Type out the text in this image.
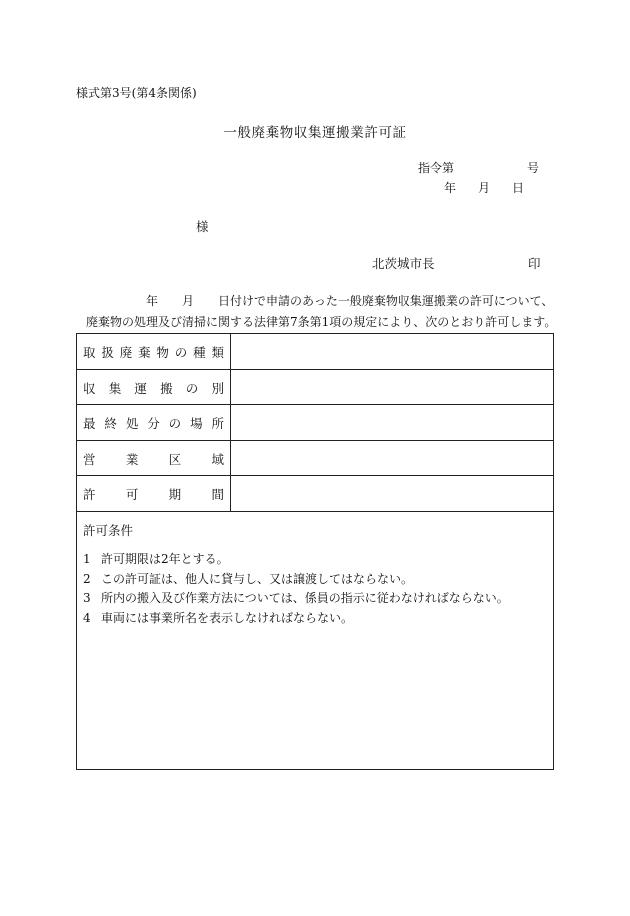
様式第3号(第4条関係)
一般廃棄物収集運搬業許可証
指令第	号
年 月 日
様
北茨城市長	印
年 月 日付けで申請のあった一般廃棄物収集運搬業の許可について、
廃棄物の処理及び清掃に関する法律第7条第1項の規定により、次のとおり許可します。
取扱廃棄物の種類
収集運搬の別
最終処分の場所
営業区域
許可期間
許可条件
1 許可期限は2年とする。
2 この許可証は、他人に貸与し、又は譲渡してはならない。
3 所内の搬入及び作業方法については、係員の指示に従わなければならない。
4 車両には事業所名を表示しなければならない。
